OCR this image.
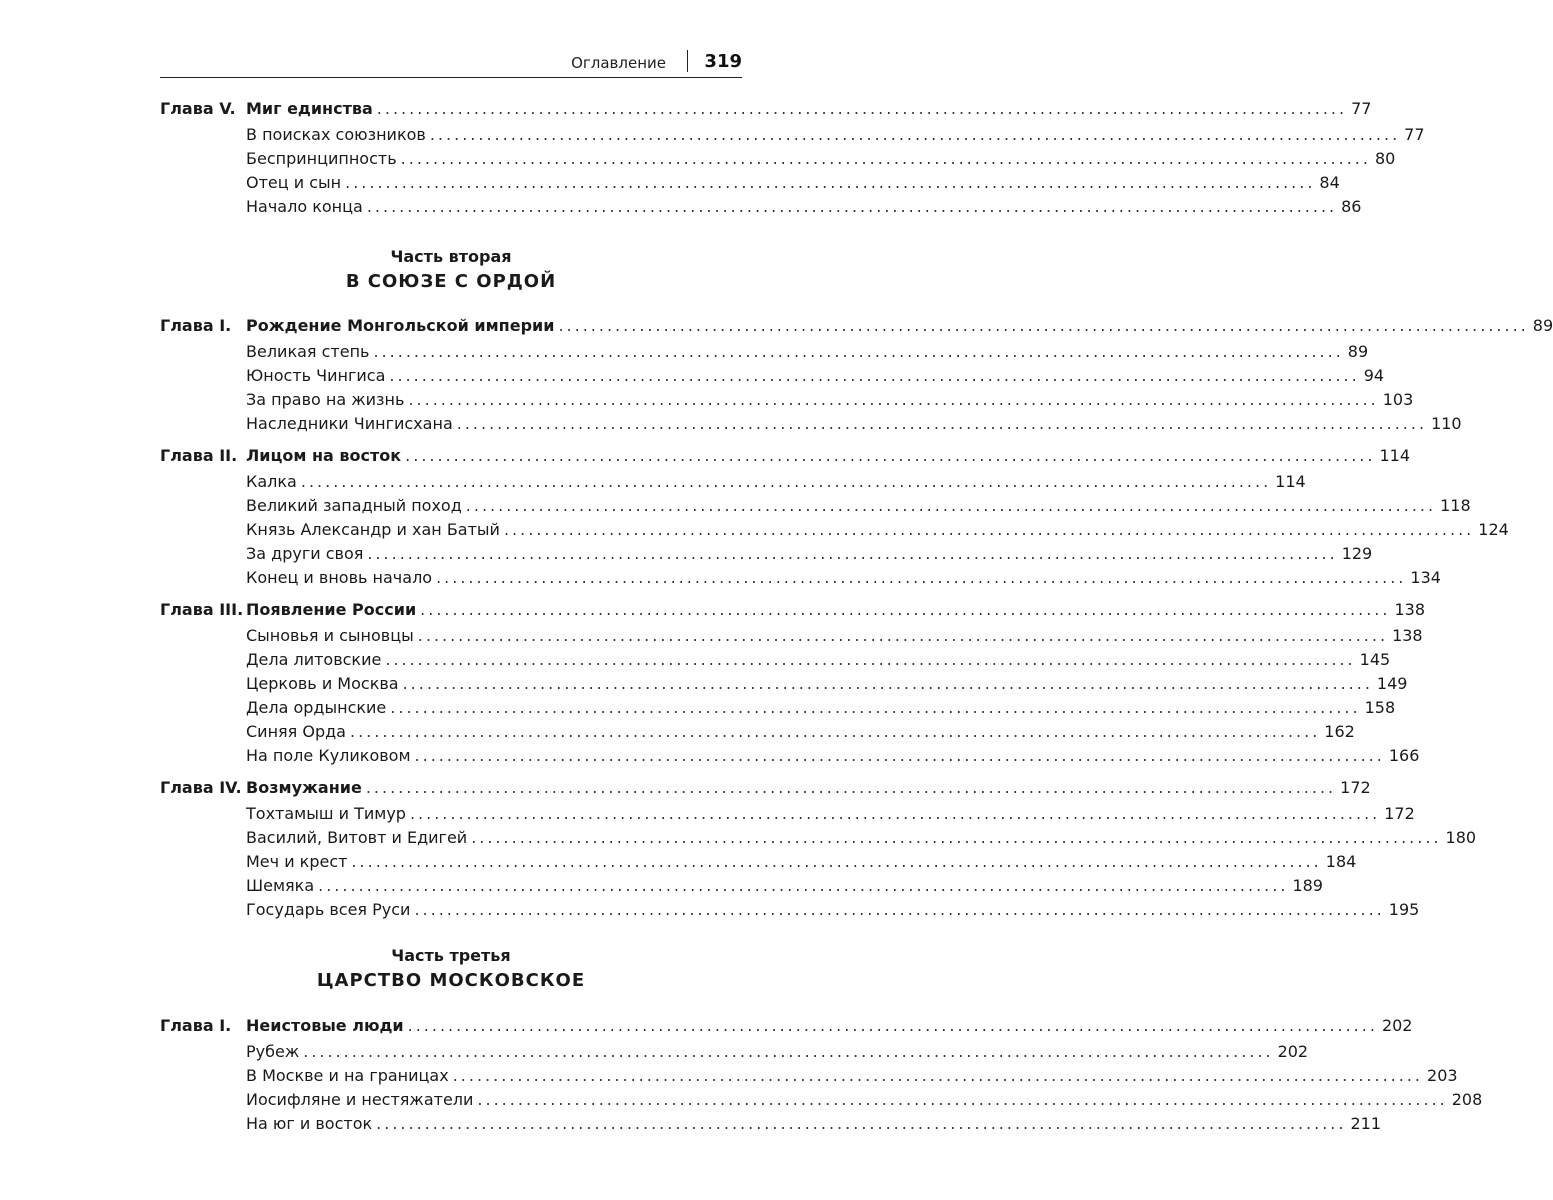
Оглавление 319
Глава V. Миг единства ........................................................................................................................ 77
В поисках союзников ........................................................................................................................ 77
Беспринципность ........................................................................................................................ 80
Отец и сын ........................................................................................................................ 84
Начало конца ........................................................................................................................ 86
Часть вторая
В СОЮЗЕ С ОРДОЙ
Глава I. Рождение Монгольской империи ........................................................................................................................ 89
Великая степь ........................................................................................................................ 89
Юность Чингиса ........................................................................................................................ 94
За право на жизнь ........................................................................................................................ 103
Наследники Чингисхана ........................................................................................................................ 110
Глава II. Лицом на восток ........................................................................................................................ 114
Калка ........................................................................................................................ 114
Великий западный поход ........................................................................................................................ 118
Князь Александр и хан Батый ........................................................................................................................ 124
За други своя ........................................................................................................................ 129
Конец и вновь начало ........................................................................................................................ 134
Глава III. Появление России ........................................................................................................................ 138
Сыновья и сыновцы ........................................................................................................................ 138
Дела литовские ........................................................................................................................ 145
Церковь и Москва ........................................................................................................................ 149
Дела ордынские ........................................................................................................................ 158
Синяя Орда ........................................................................................................................ 162
На поле Куликовом ........................................................................................................................ 166
Глава IV. Возмужание ........................................................................................................................ 172
Тохтамыш и Тимур ........................................................................................................................ 172
Василий, Витовт и Едигей ........................................................................................................................ 180
Меч и крест ........................................................................................................................ 184
Шемяка ........................................................................................................................ 189
Государь всея Руси ........................................................................................................................ 195
Часть третья
ЦАРСТВО МОСКОВСКОЕ
Глава I. Неистовые люди ........................................................................................................................ 202
Рубеж ........................................................................................................................ 202
В Москве и на границах ........................................................................................................................ 203
Иосифляне и нестяжатели ........................................................................................................................ 208
На юг и восток ........................................................................................................................ 211
